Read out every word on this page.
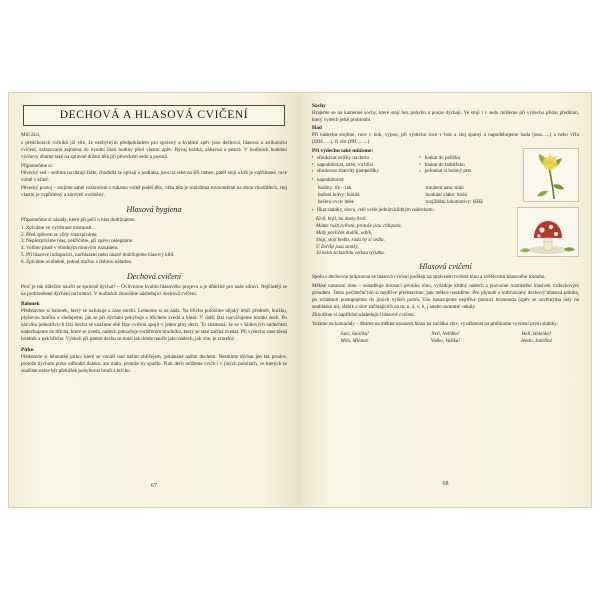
DECHOVÁ A HLASOVÁ CVIČENÍ

Milí žáci,

z předchozích ročníků již víte, že nezbytným předpokladem pro správný a kvalitní zpěv jsou dechová, hlasová a artikulační cvičení, zařazovaná zejména do úvodní části hodiny před vlastní zpěv. Byvaj krátká, zábavná a pestrá. V hodinách hudební výchovy dbáme také na správné držení těla při pěveckém sedu a postoji.

Připomeňme si:

Pěvecký sed – sedíme na okraji židle, chodidla se opírají o podlahu, jsou od sebe na šíři ramen, patěř stojí a krk je vzpřímené, ruce volně v klíně.

Pěvecký postoj – stojíme samě rozkročeni s rukama volně podél těla, váha těla je rozložena rovnoměrně na obou chodidlech, stoj vlastní je vzpřímený a zároveň uvolněný.

Hlasová hygiena

Připomeňme si zásady, které při péči o hlas dodržujeme.

1. Zpíváme ve vyvětrané místnosti.
2. Před zpěvem se vždy rozezpíváme.
3. Nepřezpíváme hlas, nekřičíme, při zpěvu neteptáme.
4. Volíme písně v vhodným tónovým rozsahem.
5. Při hlasové indispozici, nachlazení nebo únavě dodržujeme hlasový klid.
6. Zpíváme uvolněně, pokud možno s dobrou náladou.
Dechová cvičení

Proč je tak důležité naučit se správně dýchat? – Ovlivníme kvalitu hlasového projevu a je důležité pro naše zdraví. Nejčastěji se na prohloubené dýchání na branicí. V hodinách zkoušíme následující dechová cvičení.

Balonek

Představme si balonek, který se nafukuje a zase smrští. Lehneme si na záda. Na břicho položíme nějaký lehčí předmět, knížku, plyšovou hračku a sledujeme, jak se při dýchání pohybuje s břichem zvedá a klesá. V další fázi nacvičujeme hrudní dech. Po nácviku jednotlivých fází dechu se snažíme obě fáze cvičení spojit v jeden plný dech. To znamená, že se v klidových nádechem nadechujeme do břicha, které se zvedá, nádech pokračuje rozšířením hrudníku, který se také začíná zvedat. Při výdechu zase klesá hrudník a pak břicho. Výdech při plném dechu se musí tak dobře naučit jako nádech, jak víte, je zrarelný.

Pírko

Představte si lehounké pírko, které se vznáší nad naším obličejem, pohánáné našim dechem. Nesmíme dýchat jen tak prudce, protože bychom pírko odfoukli daleko, ani málo, protože by spadlo. Platí dech můžeme cvičit i v jiných polohách, ve kterých se snažíme nelze být překážek pohybovat hrudi a bricho.

67
Sochy

Hrajeme se na kamenné sochy, které stojí bez pohybu a pouze dýchají. Ve stoji i v sedu můžeme při výdechu přidat předklon, který vydech ještě prohloubí.

Had

Při nádechu stojíme, ruce v bok, výpon, při výdechu ruce v bok a stoj spatný a napodobujeme hada (ssss......) a nebo včlu (žžžž......), či vítr (ffff.........).

Při výdechu také můžeme:
▪ sfoukávat svíčky na dortu
▪ napodobovat, sirén, vichřici
▪ sfoukovat zbarvitý pampelišky
▪ foukat do peříčka
▪ foukat do bublifuku
▪ pofoukat si bolavý prst
▪ napodobovat:
hodiny: tik – tak
bučení krávy: búúúú
bečení ovce: bééé
troubení auta: túúú
houkání vlaku: húúú
rozjíždění lokomotivy: ššššš
▪ říkat slabiky, slova, celé verše jedním klidným nádechem:
Král, král, na duely hrál.
Máme ruští zvířata, protože jsou chlupatá.
Malý pavlíček dudlík, udlík,
Stojí, stojí bedla, ráda by si sedla.
U Zoříky jsou stonky,
Já mám za kachnu velkou tyčutku.
Hlasová cvičení

Spolu s dechovou průpravou se hlasová cvičení podílejí na správném tvoření tónu a zvětšování hlasového rozsahu.

Měkké nasazení tónu – usnadňuje intonaci prvního tónu, vyžaduje klidný nádech a pozvolné rozmístění hlasivek vzduchovým proudem. Tento počáteční tón si nejdříve představíme, pak měkce nasadíme. Pro plynulé a kultivovaný dechový hlasová poloha, po zvládnutí postupujeme do jiných výších poloh. Tón nasazujeme nejdříve pomocí brumenda (zpěv se zavřenýma ústy na souhlásku m), slabik a slov začínajících na m, n, ú, v, h, j anebo samotné vokály.

Zkoušíme si například následující hlasové cvičení.

Voláme na kamarády – dbáme na měkké nasazení hlasu na začátku slov, vyváženost na prohloube vyrslení první slabiky:

Jani, Janíčku!
Milo, Milane!
Neli, Neliňko!
Vaško, Vašiku!
Heli, Helenko!
Jendo, Janíčku!
68
